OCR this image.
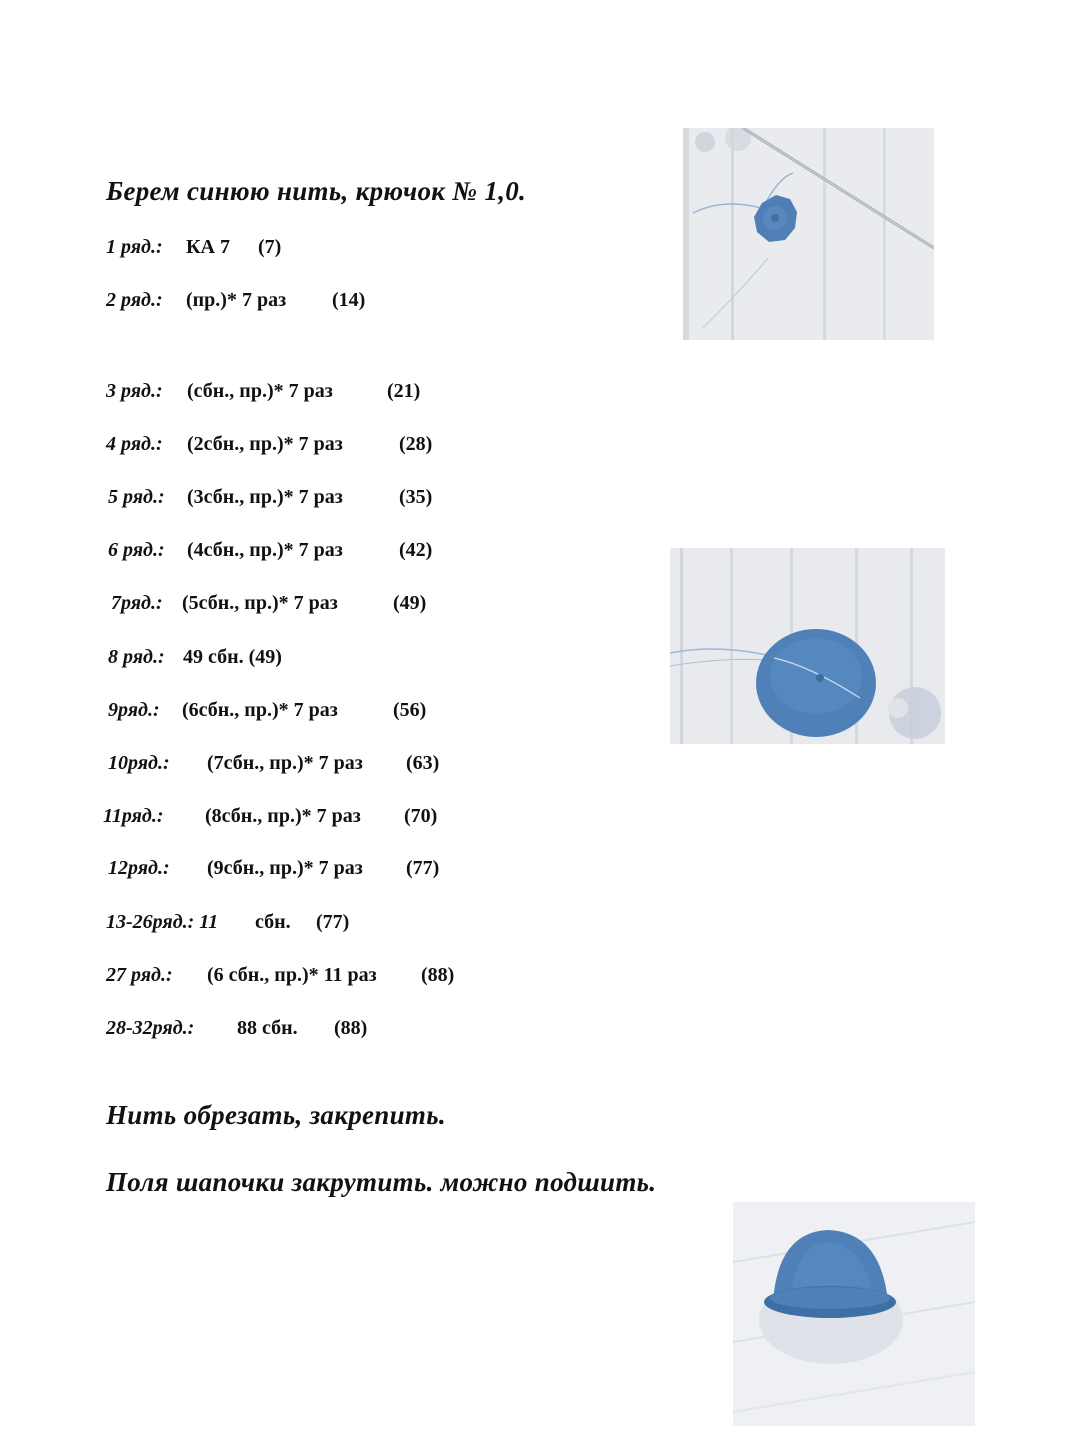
Берем синюю нить, крючок № 1,0.
1 ряд.: КА 7 (7)
2 ряд.: (пр.)* 7 раз (14)
3 ряд.: (сбн., пр.)* 7 раз	(21)
4 ряд.: (2сбн., пр.)* 7 раз	(28)
5 ряд.: (3сбн., пр.)* 7 раз	(35)
6 ряд.: (4сбн., пр.)* 7 раз	(42)
7ряд.: (5сбн., пр.)* 7 раз	(49)
8 ряд.: 49 сбн. (49)
9ряд.: (6сбн., пр.)* 7 раз	(56)
10ряд.: (7сбн., пр.)* 7 раз (63)
11ряд.: (8сбн., пр.)* 7 раз (70)
12ряд.: (9сбн., пр.)* 7 раз (77)
13-26ряд.: 11 сбн. (77)
27 ряд.: (6 сбн., пр.)* 11 раз (88)
28-32ряд.: 88 сбн. (88)
Нить обрезать, закрепить.
Поля шапочки закрутить. можно подшить.
